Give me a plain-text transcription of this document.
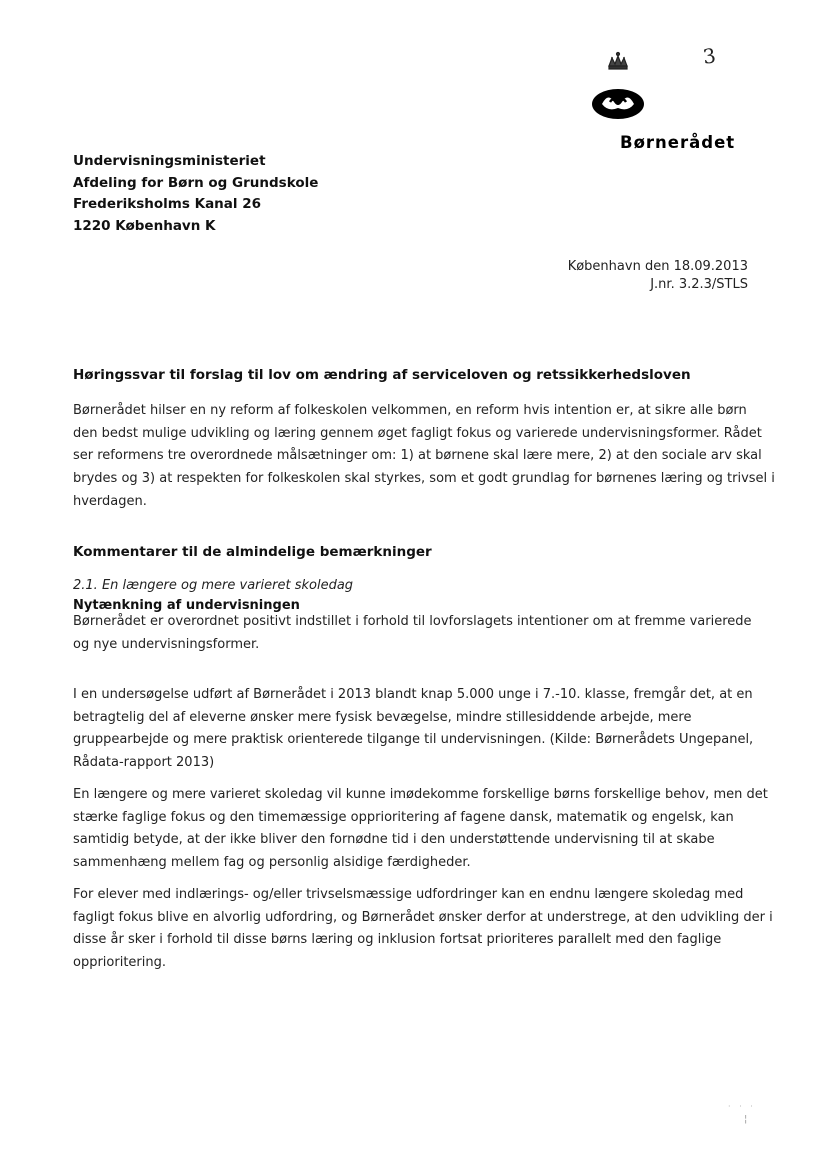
3
Børnerådet
Undervisningsministeriet
Afdeling for Børn og Grundskole
Frederiksholms Kanal 26
1220 København K
København den 18.09.2013
J.nr. 3.2.3/STLS
Høringssvar til forslag til lov om ændring af serviceloven og retssikkerhedsloven
Børnerådet hilser en ny reform af folkeskolen velkommen, en reform hvis intention er, at sikre alle børn
den bedst mulige udvikling og læring gennem øget fagligt fokus og varierede undervisningsformer. Rådet
ser reformens tre overordnede målsætninger om: 1) at børnene skal lære mere, 2) at den sociale arv skal
brydes og 3) at respekten for folkeskolen skal styrkes, som et godt grundlag for børnenes læring og trivsel i
hverdagen.
Kommentarer til de almindelige bemærkninger
2.1. En længere og mere varieret skoledag
Nytænkning af undervisningen
Børnerådet er overordnet positivt indstillet i forhold til lovforslagets intentioner om at fremme varierede
og nye undervisningsformer.
I en undersøgelse udført af Børnerådet i 2013 blandt knap 5.000 unge i 7.-10. klasse, fremgår det, at en
betragtelig del af eleverne ønsker mere fysisk bevægelse, mindre stillesiddende arbejde, mere
gruppearbejde og mere praktisk orienterede tilgange til undervisningen. (Kilde: Børnerådets Ungepanel,
Rådata-rapport 2013)
En længere og mere varieret skoledag vil kunne imødekomme forskellige børns forskellige behov, men det
stærke faglige fokus og den timemæssige opprioritering af fagene dansk, matematik og engelsk, kan
samtidig betyde, at der ikke bliver den fornødne tid i den understøttende undervisning til at skabe
sammenhæng mellem fag og personlig alsidige færdigheder.
For elever med indlærings- og/eller trivselsmæssige udfordringer kan en endnu længere skoledag med
fagligt fokus blive en alvorlig udfordring, og Børnerådet ønsker derfor at understrege, at den udvikling der i
disse år sker i forhold til disse børns læring og inklusion fortsat prioriteres parallelt med den faglige
opprioritering.
· · ·
¦
